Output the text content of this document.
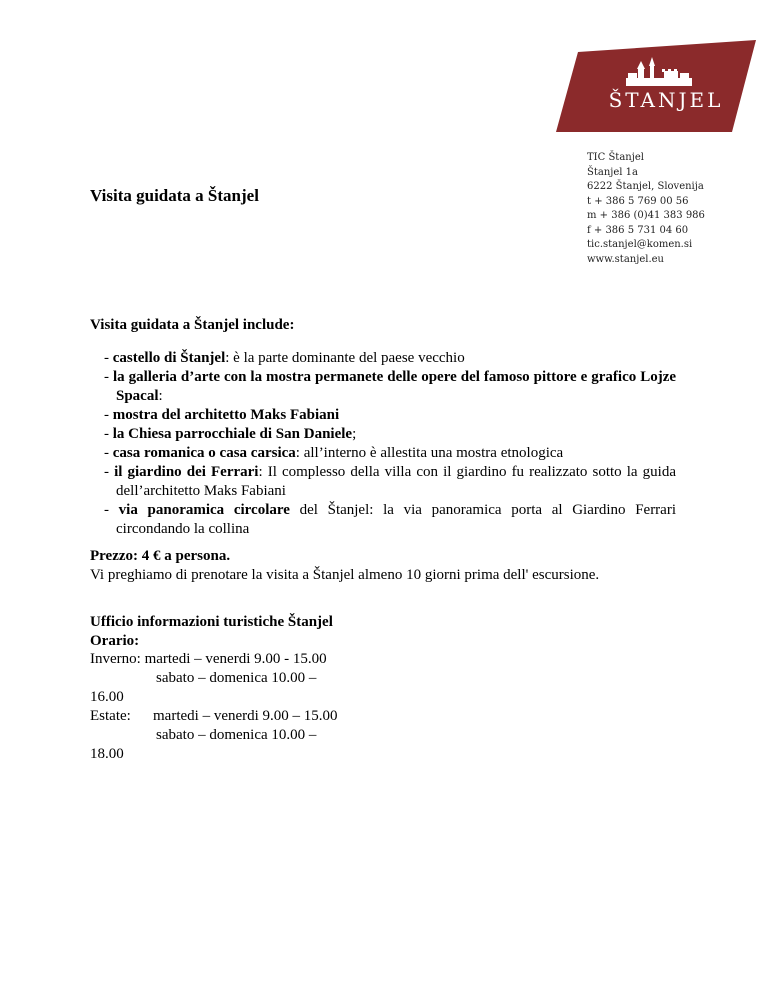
ŠTANJEL
TIC Štanjel
Štanjel 1a
6222 Štanjel, Slovenija
t + 386 5 769 00 56
m + 386 (0)41 383 986
f + 386 5 731 04 60
tic.stanjel@komen.si
www.stanjel.eu
Visita guidata a Štanjel

Visita guidata a Štanjel include:

- castello di Štanjel: è la parte dominante del paese vecchio
- la galleria d’arte con la mostra permanete delle opere del famoso pittore e grafico Lojze Spacal:
- mostra del architetto Maks Fabiani
- la Chiesa parrocchiale di San Daniele;
- casa romanica o casa carsica: all’interno è allestita una mostra etnologica
- il giardino dei Ferrari: Il complesso della villa con il giardino fu realizzato sotto la guida dell’architetto Maks Fabiani
- via panoramica circolare del Štanjel: la via panoramica porta al Giardino Ferrari circondando la collina
Prezzo: 4 € a persona.
Vi preghiamo di prenotare la visita a Štanjel almeno 10 giorni prima dell' escursione.
Ufficio informazioni turistiche Štanjel
Orario:
Inverno: martedi – venerdi 9.00 - 15.00
sabato – domenica 10.00 –
16.00
Estate: martedi – venerdi 9.00 – 15.00
sabato – domenica 10.00 –
18.00
